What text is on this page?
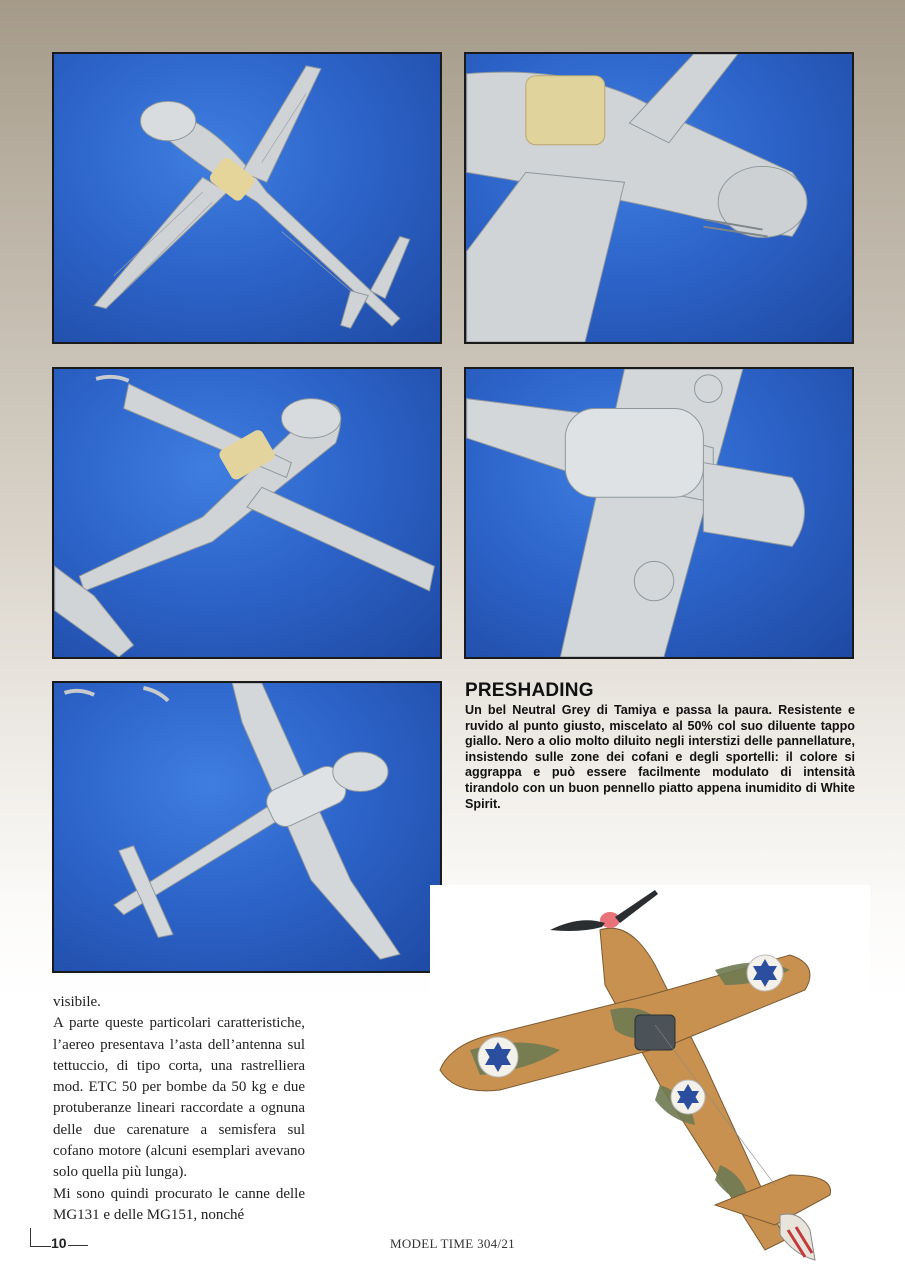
PRESHADING

Un bel Neutral Grey di Tamiya e passa la paura. Resistente e ruvido al punto giusto, miscelato al 50% col suo diluente tappo giallo. Nero a olio molto diluito negli interstizi delle pannellature, insistendo sulle zone dei cofani e degli sportelli: il colore si aggrappa e può essere facilmente modulato di intensità tirandolo con un buon pennello piatto appena inumidito di White Spirit.

visibile.

A parte queste particolari caratteristiche, l’aereo presentava l’asta dell’antenna sul tettuccio, di tipo corta, una rastrelliera mod. ETC 50 per bombe da 50 kg e due protuberanze lineari raccordate a ognuna delle due carenature a semisfera sul cofano motore (alcuni esemplari avevano solo quella più lunga).

Mi sono quindi procurato le canne delle MG131 e delle MG151, nonché

10	MODEL TIME 304/21
